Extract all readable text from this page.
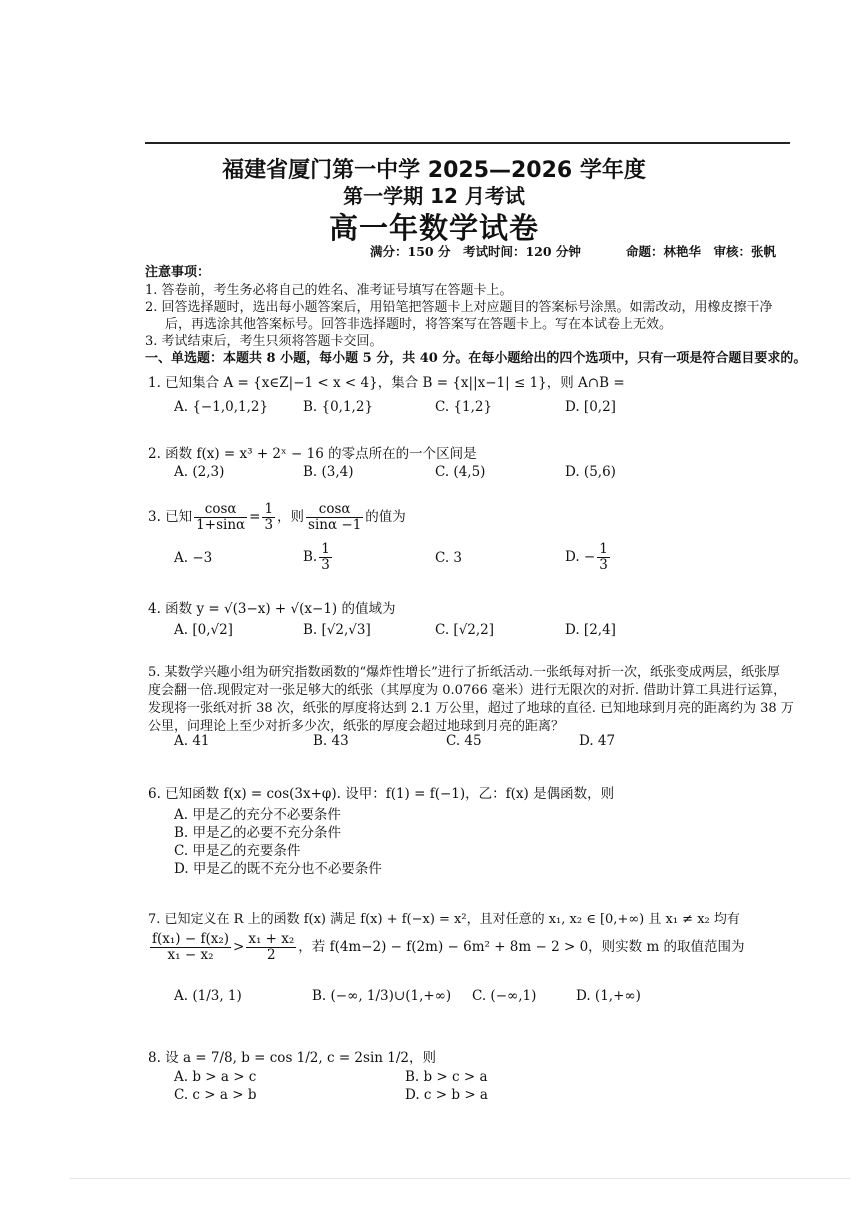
福建省厦门第一中学 2025—2026 学年度
第一学期 12 月考试
高一年数学试卷
满分：150 分　考试时间：120 分钟	命题：林艳华　审核：张帆
注意事项：
1. 答卷前，考生务必将自己的姓名、准考证号填写在答题卡上。
2. 回答选择题时，选出每小题答案后，用铅笔把答题卡上对应题目的答案标号涂黑。如需改动，用橡皮擦干净
后，再选涂其他答案标号。回答非选择题时，将答案写在答题卡上。写在本试卷上无效。
3. 考试结束后，考生只须将答题卡交回。
一、单选题：本题共 8 小题，每小题 5 分，共 40 分。在每小题给出的四个选项中，只有一项是符合题目要求的。
1. 已知集合 A = {x∈Z|−1 < x < 4}，集合 B = {x||x−1| ≤ 1}，则 A∩B =
A. {−1,0,1,2}	B. {0,1,2}	C. {1,2}	D. [0,2]
2. 函数 f(x) = x³ + 2ˣ − 16 的零点所在的一个区间是
A. (2,3)	B. (3,4)	C. (4,5)	D. (5,6)
3. 已知 $\frac{\cos\alpha}{1+\sin\alpha} = \frac{1}{3}$ ，则 $\frac{\cos\alpha}{\sin\alpha -1}$ 的值为
A. −3	B. $\frac{1}{3}$	C. 3	D. − $\frac{1}{3}$
4. 函数 y = √(3−x) + √(x−1) 的值域为
A. [0,√2]	B. [√2,√3]	C. [√2,2]	D. [2,4]
5. 某数学兴趣小组为研究指数函数的“爆炸性增长”进行了折纸活动.一张纸每对折一次，纸张变成两层，纸张厚
度会翻一倍.现假定对一张足够大的纸张（其厚度为 0.0766 毫米）进行无限次的对折. 借助计算工具进行运算，
发现将一张纸对折 38 次，纸张的厚度将达到 2.1 万公里，超过了地球的直径. 已知地球到月亮的距离约为 38 万
公里，问理论上至少对折多少次，纸张的厚度会超过地球到月亮的距离？
A. 41	B. 43	C. 45	D. 47
6. 已知函数 f(x) = cos(3x+φ). 设甲：f(1) = f(−1)，乙：f(x) 是偶函数，则
A. 甲是乙的充分不必要条件
B. 甲是乙的必要不充分条件
C. 甲是乙的充要条件
D. 甲是乙的既不充分也不必要条件
7. 已知定义在 R 上的函数 f(x) 满足 f(x) + f(−x) = x²，且对任意的 x₁, x₂ ∈ [0,+∞) 且 x₁ ≠ x₂ 均有
$\frac{\text{f(x₁) − f(x₂)}}{\text{x₁ − x₂}} > \frac{\text{x₁ + x₂}}{2}$ ，若 f(4m−2) − f(2m) − 6m² + 8m − 2 > 0，则实数 m 的取值范围为
A. (1/3, 1)	B. (−∞, 1/3)∪(1,+∞) C. (−∞,1)	D. (1,+∞)
8. 设 a = 7/8, b = cos 1/2, c = 2sin 1/2，则
A. b > a > c	B. b > c > a
C. c > a > b	D. c > b > a
